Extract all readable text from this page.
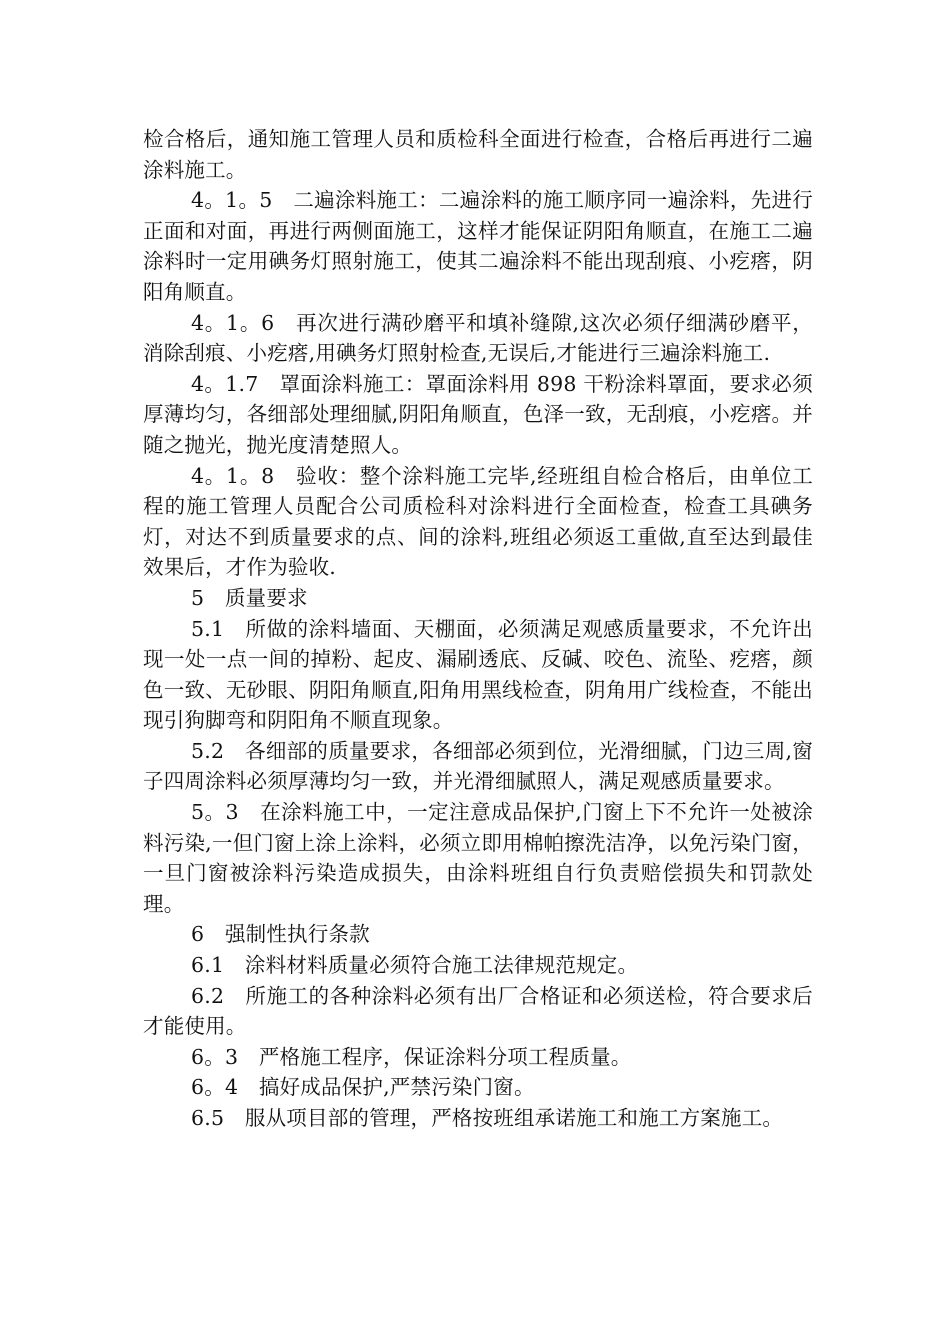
检合格后，通知施工管理人员和质检科全面进行检查，合格后再进行二遍涂料施工。

4。1。5　二遍涂料施工：二遍涂料的施工顺序同一遍涂料，先进行正面和对面，再进行两侧面施工，这样才能保证阴阳角顺直，在施工二遍涂料时一定用碘务灯照射施工，使其二遍涂料不能出现刮痕、小疙瘩，阴阳角顺直。

4。1。6　再次进行满砂磨平和填补缝隙,这次必须仔细满砂磨平，消除刮痕、小疙瘩,用碘务灯照射检查,无误后,才能进行三遍涂料施工.

4。1.7　罩面涂料施工：罩面涂料用 898 干粉涂料罩面，要求必须厚薄均匀，各细部处理细腻,阴阳角顺直，色泽一致，无刮痕，小疙瘩。并随之抛光，抛光度清楚照人。

4。1。8　验收：整个涂料施工完毕,经班组自检合格后，由单位工程的施工管理人员配合公司质检科对涂料进行全面检查，检查工具碘务灯，对达不到质量要求的点、间的涂料,班组必须返工重做,直至达到最佳效果后，才作为验收.

5　质量要求

5.1　所做的涂料墙面、天棚面，必须满足观感质量要求，不允许出现一处一点一间的掉粉、起皮、漏刷透底、反碱、咬色、流坠、疙瘩，颜色一致、无砂眼、阴阳角顺直,阳角用黑线检查，阴角用广线检查，不能出现引狗脚弯和阴阳角不顺直现象。

5.2　各细部的质量要求，各细部必须到位，光滑细腻，门边三周,窗子四周涂料必须厚薄均匀一致，并光滑细腻照人，满足观感质量要求。

5。3　在涂料施工中，一定注意成品保护,门窗上下不允许一处被涂料污染,一但门窗上涂上涂料，必须立即用棉帕擦洗洁净，以免污染门窗，一旦门窗被涂料污染造成损失，由涂料班组自行负责赔偿损失和罚款处理。

6　强制性执行条款

6.1　涂料材料质量必须符合施工法律规范规定。

6.2　所施工的各种涂料必须有出厂合格证和必须送检，符合要求后才能使用。

6。3　严格施工程序，保证涂料分项工程质量。

6。4　搞好成品保护,严禁污染门窗。

6.5　服从项目部的管理，严格按班组承诺施工和施工方案施工。
